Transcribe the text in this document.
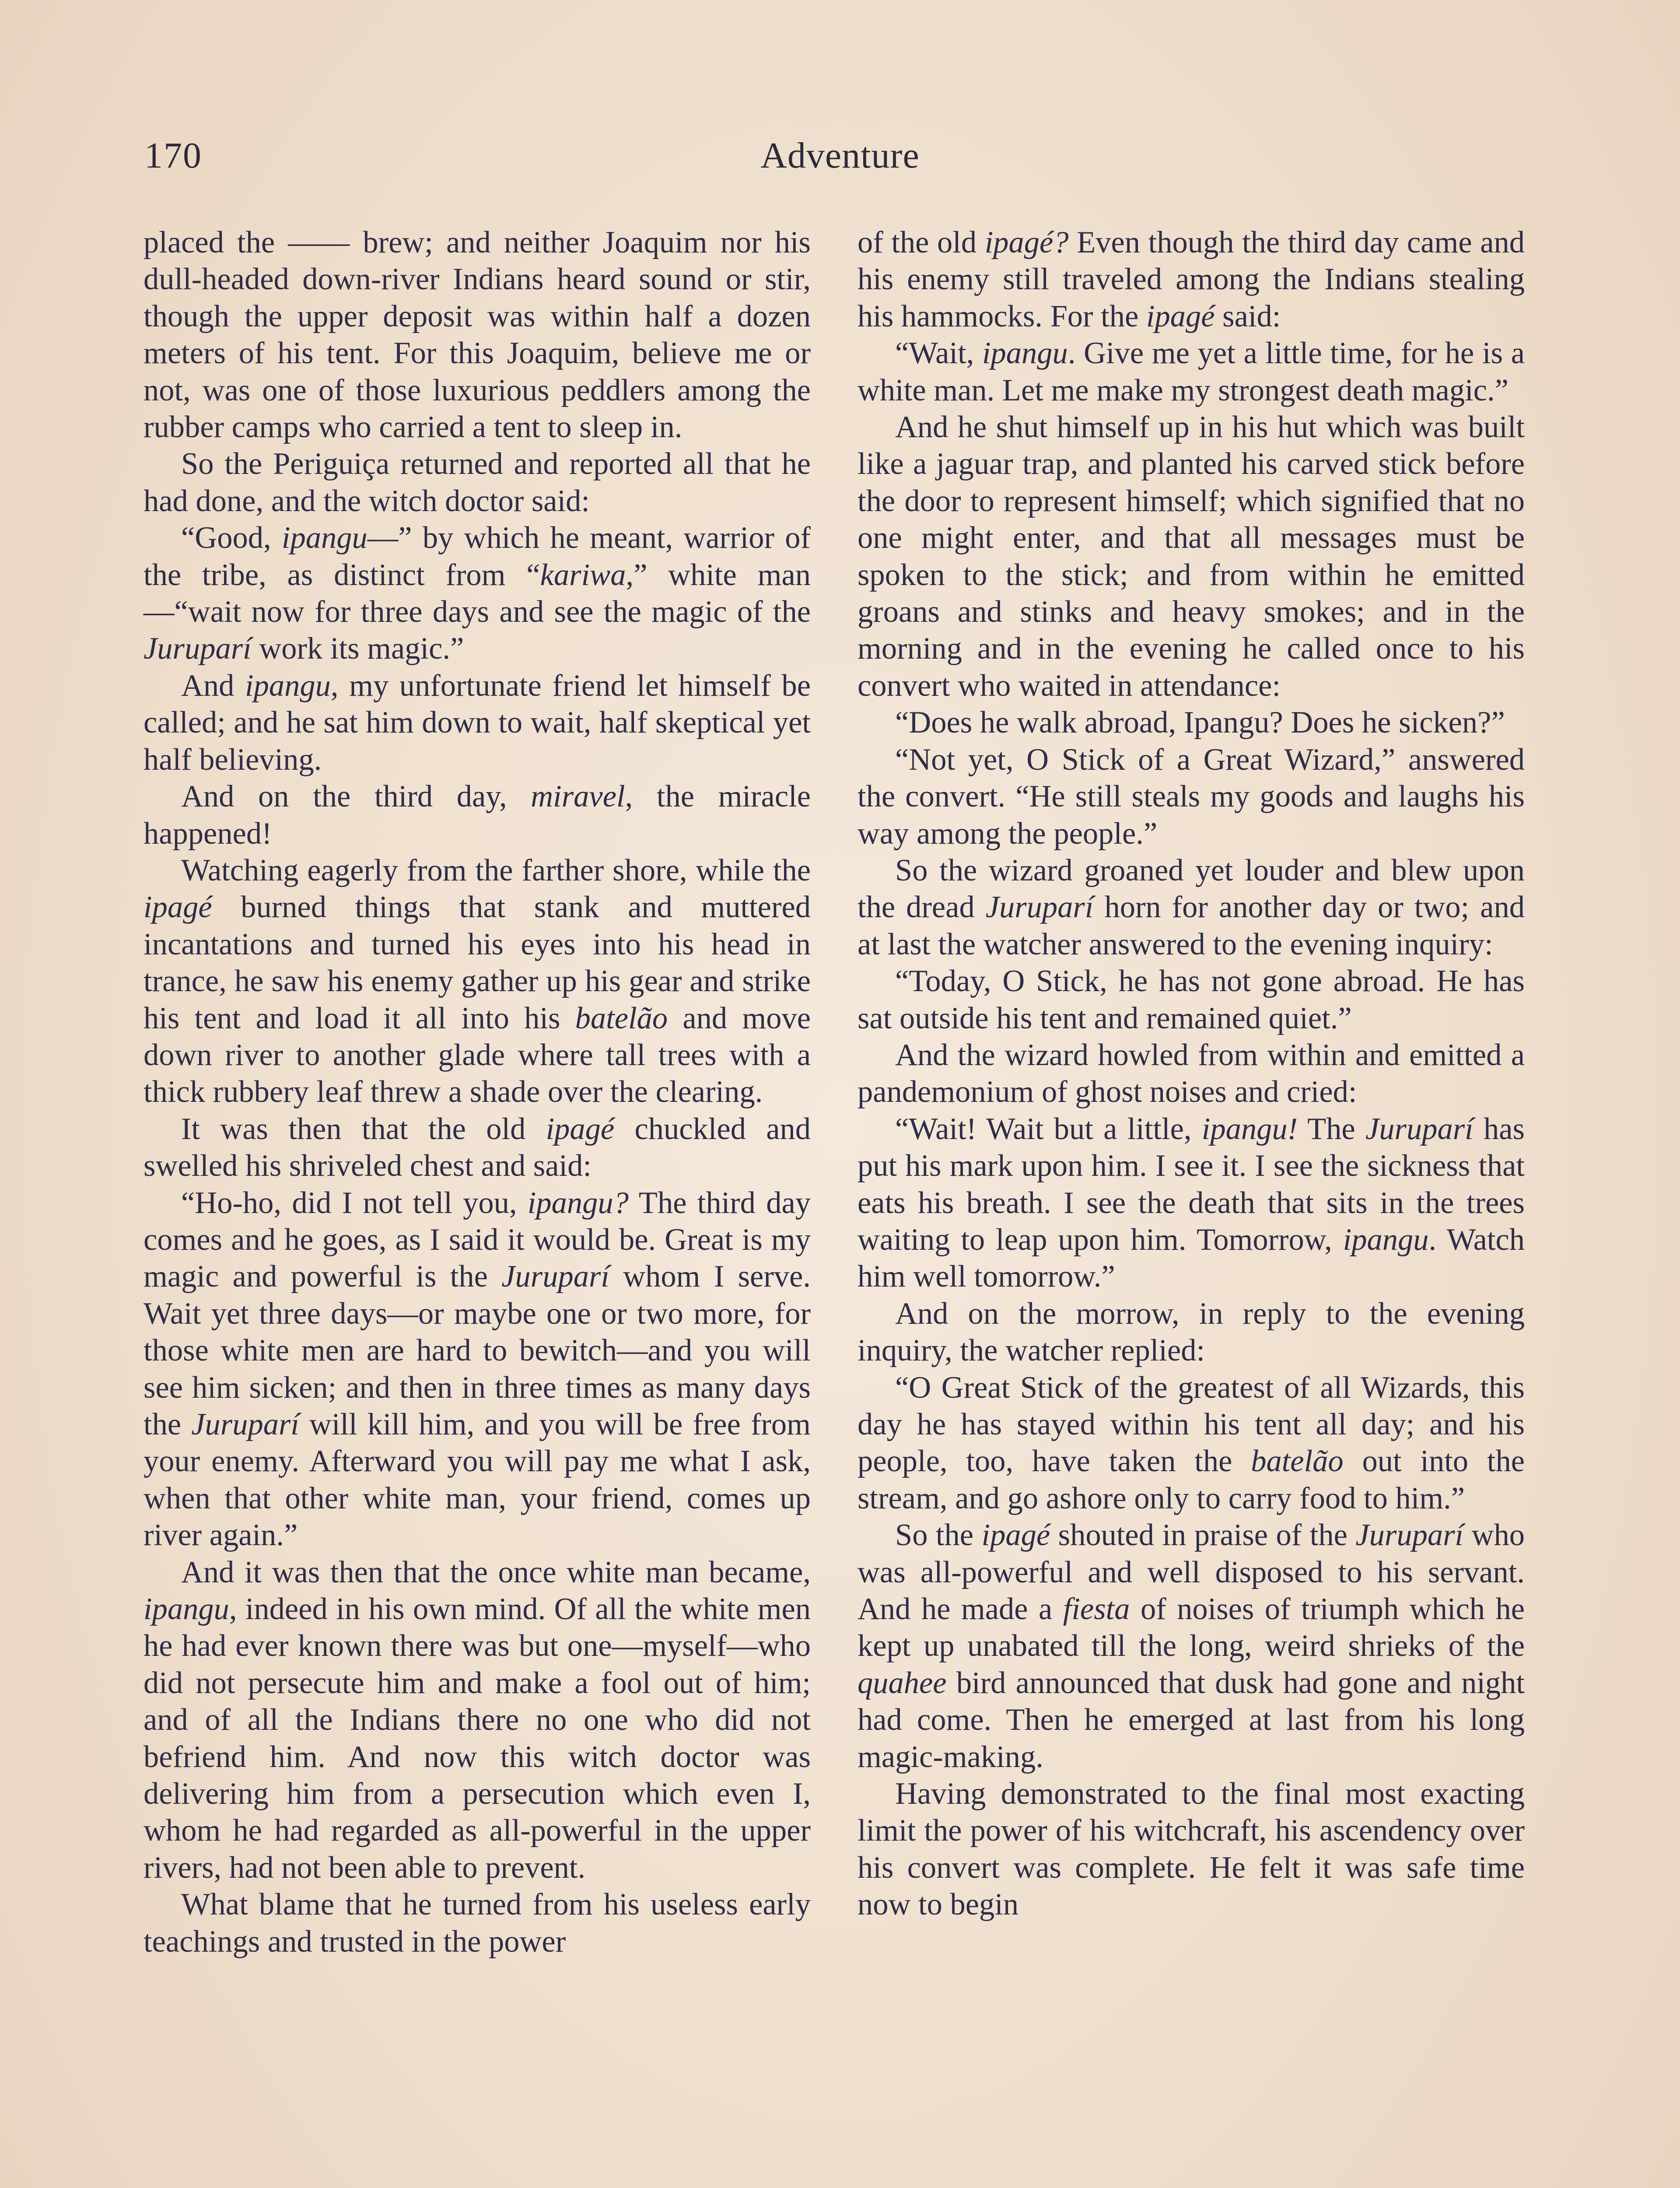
170	Adventure

placed the —— brew; and neither Joaquim nor his dull-headed down-river Indians heard sound or stir, though the upper deposit was within half a dozen meters of his tent. For this Joaquim, believe me or not, was one of those luxurious peddlers among the rubber camps who carried a tent to sleep in.

So the Periguiça returned and reported all that he had done, and the witch doctor said:

“Good, ipangu—” by which he meant, warrior of the tribe, as distinct from “kariwa,” white man—“wait now for three days and see the magic of the Juruparí work its magic.”

And ipangu, my unfortunate friend let himself be called; and he sat him down to wait, half skeptical yet half believing.

And on the third day, miravel, the miracle happened!

Watching eagerly from the farther shore, while the ipagé burned things that stank and muttered incantations and turned his eyes into his head in trance, he saw his enemy gather up his gear and strike his tent and load it all into his batelão and move down river to another glade where tall trees with a thick rubbery leaf threw a shade over the clearing.

It was then that the old ipagé chuckled and swelled his shriveled chest and said:

“Ho-ho, did I not tell you, ipangu? The third day comes and he goes, as I said it would be. Great is my magic and powerful is the Juruparí whom I serve. Wait yet three days—or maybe one or two more, for those white men are hard to bewitch—and you will see him sicken; and then in three times as many days the Juruparí will kill him, and you will be free from your enemy. Afterward you will pay me what I ask, when that other white man, your friend, comes up river again.”

And it was then that the once white man became, ipangu, indeed in his own mind. Of all the white men he had ever known there was but one—myself—who did not persecute him and make a fool out of him; and of all the Indians there no one who did not befriend him. And now this witch doctor was delivering him from a persecution which even I, whom he had regarded as all-powerful in the upper rivers, had not been able to prevent.

What blame that he turned from his useless early teachings and trusted in the power

of the old ipagé? Even though the third day came and his enemy still traveled among the Indians stealing his hammocks. For the ipagé said:

“Wait, ipangu. Give me yet a little time, for he is a white man. Let me make my strongest death magic.”

And he shut himself up in his hut which was built like a jaguar trap, and planted his carved stick before the door to represent himself; which signified that no one might enter, and that all messages must be spoken to the stick; and from within he emitted groans and stinks and heavy smokes; and in the morning and in the evening he called once to his convert who waited in attendance:

“Does he walk abroad, Ipangu? Does he sicken?”

“Not yet, O Stick of a Great Wizard,” answered the convert. “He still steals my goods and laughs his way among the people.”

So the wizard groaned yet louder and blew upon the dread Juruparí horn for another day or two; and at last the watcher answered to the evening inquiry:

“Today, O Stick, he has not gone abroad. He has sat outside his tent and remained quiet.”

And the wizard howled from within and emitted a pandemonium of ghost noises and cried:

“Wait! Wait but a little, ipangu! The Juruparí has put his mark upon him. I see it. I see the sickness that eats his breath. I see the death that sits in the trees waiting to leap upon him. Tomorrow, ipangu. Watch him well tomorrow.”

And on the morrow, in reply to the evening inquiry, the watcher replied:

“O Great Stick of the greatest of all Wizards, this day he has stayed within his tent all day; and his people, too, have taken the batelão out into the stream, and go ashore only to carry food to him.”

So the ipagé shouted in praise of the Juruparí who was all-powerful and well disposed to his servant. And he made a fiesta of noises of triumph which he kept up unabated till the long, weird shrieks of the quahee bird announced that dusk had gone and night had come. Then he emerged at last from his long magic-making.

Having demonstrated to the final most exacting limit the power of his witchcraft, his ascendency over his convert was complete. He felt it was safe time now to begin
